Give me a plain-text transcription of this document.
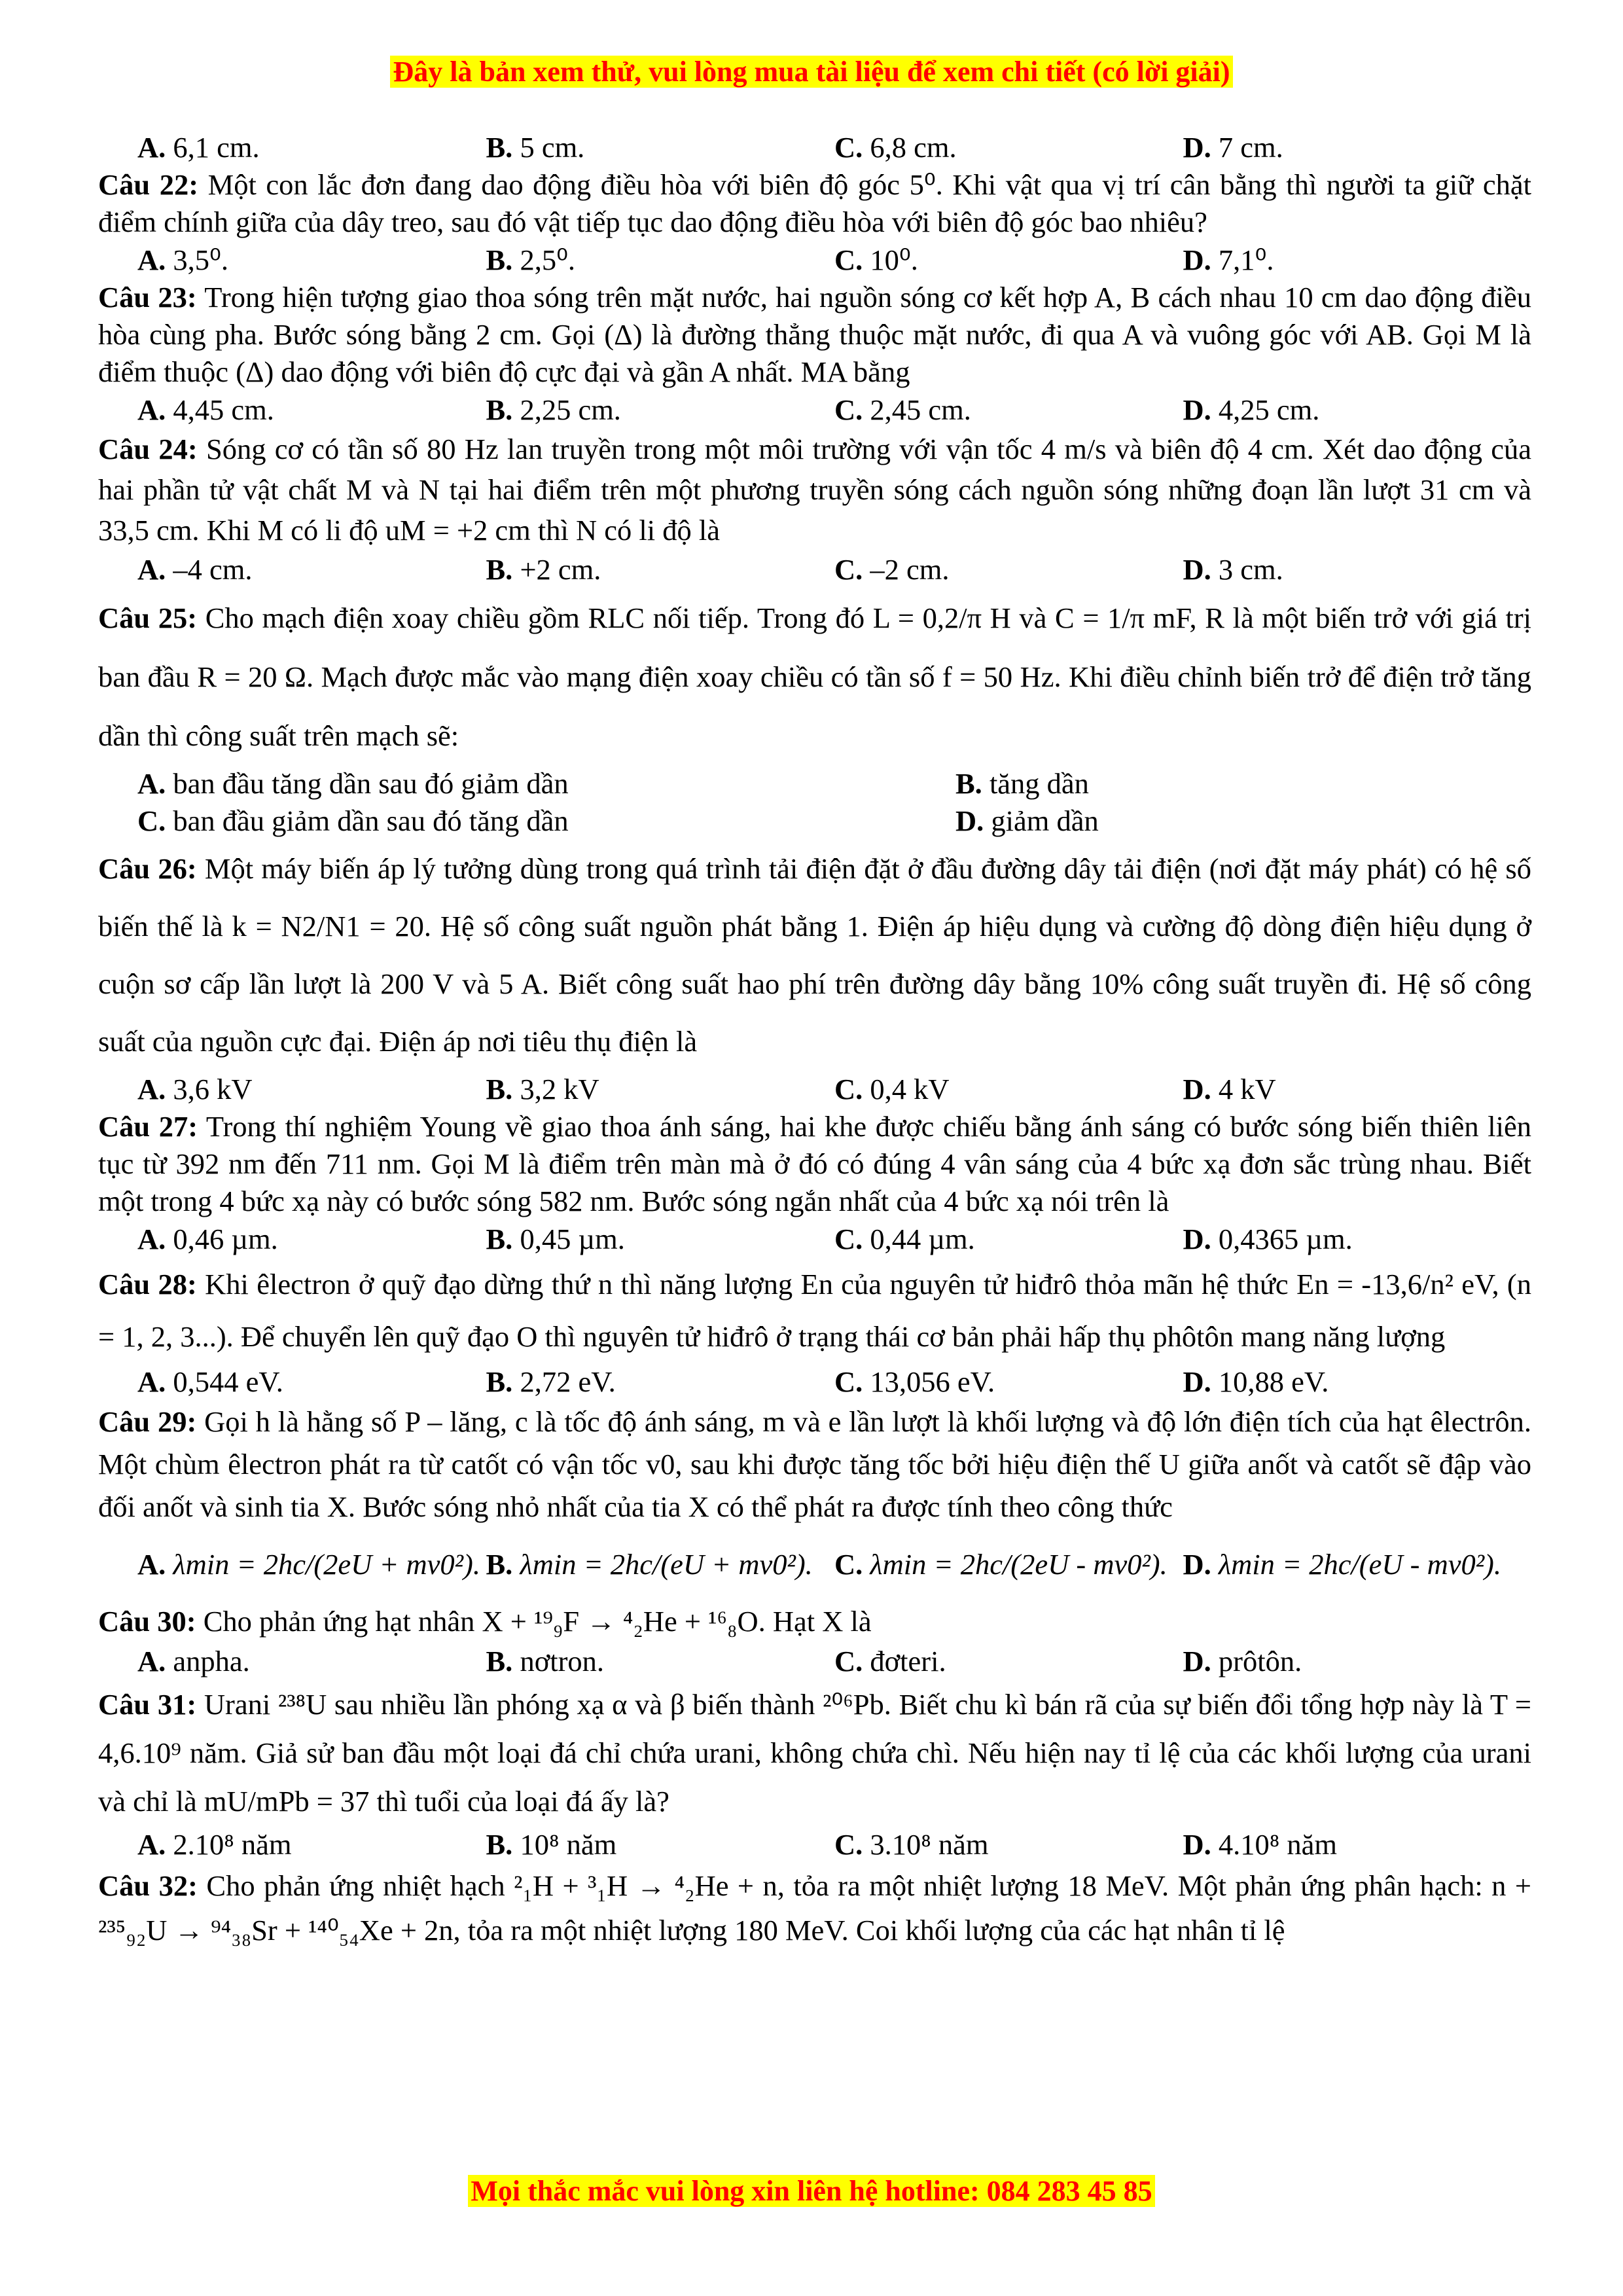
Đây là bản xem thử, vui lòng mua tài liệu để xem chi tiết (có lời giải)
A. 6,1 cm.	B. 5 cm.	C. 6,8 cm.	D. 7 cm.
Câu 22: Một con lắc đơn đang dao động điều hòa với biên độ góc 5⁰. Khi vật qua vị trí cân bằng thì người ta giữ chặt điểm chính giữa của dây treo, sau đó vật tiếp tục dao động điều hòa với biên độ góc bao nhiêu?
A. 3,5⁰.	B. 2,5⁰.	C. 10⁰.	D. 7,1⁰.
Câu 23: Trong hiện tượng giao thoa sóng trên mặt nước, hai nguồn sóng cơ kết hợp A, B cách nhau 10 cm dao động điều hòa cùng pha. Bước sóng bằng 2 cm. Gọi (Δ) là đường thẳng thuộc mặt nước, đi qua A và vuông góc với AB. Gọi M là điểm thuộc (Δ) dao động với biên độ cực đại và gần A nhất. MA bằng
A. 4,45 cm.	B. 2,25 cm.	C. 2,45 cm.	D. 4,25 cm.
Câu 24: Sóng cơ có tần số 80 Hz lan truyền trong một môi trường với vận tốc 4 m/s và biên độ 4 cm. Xét dao động của hai phần tử vật chất M và N tại hai điểm trên một phương truyền sóng cách nguồn sóng những đoạn lần lượt 31 cm và 33,5 cm. Khi M có li độ uM = +2 cm thì N có li độ là
A. –4 cm.	B. +2 cm.	C. –2 cm.	D. 3 cm.
Câu 25: Cho mạch điện xoay chiều gồm RLC nối tiếp. Trong đó L = 0,2/π H và C = 1/π mF, R là một biến trở với giá trị ban đầu R = 20 Ω. Mạch được mắc vào mạng điện xoay chiều có tần số f = 50 Hz. Khi điều chỉnh biến trở để điện trở tăng dần thì công suất trên mạch sẽ:
A. ban đầu tăng dần sau đó giảm dần	B. tăng dần
C. ban đầu giảm dần sau đó tăng dần	D. giảm dần
Câu 26: Một máy biến áp lý tưởng dùng trong quá trình tải điện đặt ở đầu đường dây tải điện (nơi đặt máy phát) có hệ số biến thế là k = N2/N1 = 20. Hệ số công suất nguồn phát bằng 1. Điện áp hiệu dụng và cường độ dòng điện hiệu dụng ở cuộn sơ cấp lần lượt là 200 V và 5 A. Biết công suất hao phí trên đường dây bằng 10% công suất truyền đi. Hệ số công suất của nguồn cực đại. Điện áp nơi tiêu thụ điện là
A. 3,6 kV	B. 3,2 kV	C. 0,4 kV	D. 4 kV
Câu 27: Trong thí nghiệm Young về giao thoa ánh sáng, hai khe được chiếu bằng ánh sáng có bước sóng biến thiên liên tục từ 392 nm đến 711 nm. Gọi M là điểm trên màn mà ở đó có đúng 4 vân sáng của 4 bức xạ đơn sắc trùng nhau. Biết một trong 4 bức xạ này có bước sóng 582 nm. Bước sóng ngắn nhất của 4 bức xạ nói trên là
A. 0,46 µm.	B. 0,45 µm.	C. 0,44 µm.	D. 0,4365 µm.
Câu 28: Khi êlectron ở quỹ đạo dừng thứ n thì năng lượng En của nguyên tử hiđrô thỏa mãn hệ thức En = -13,6/n² eV, (n = 1, 2, 3...). Để chuyển lên quỹ đạo O thì nguyên tử hiđrô ở trạng thái cơ bản phải hấp thụ phôtôn mang năng lượng
A. 0,544 eV.	B. 2,72 eV.	C. 13,056 eV.	D. 10,88 eV.
Câu 29: Gọi h là hằng số P – lăng, c là tốc độ ánh sáng, m và e lần lượt là khối lượng và độ lớn điện tích của hạt êlectrôn. Một chùm êlectron phát ra từ catốt có vận tốc v0, sau khi được tăng tốc bởi hiệu điện thế U giữa anốt và catốt sẽ đập vào đối anốt và sinh tia X. Bước sóng nhỏ nhất của tia X có thể phát ra được tính theo công thức
A. λmin = 2hc/(2eU + mv0²). B. λmin = 2hc/(eU + mv0²). C. λmin = 2hc/(2eU - mv0²). D. λmin = 2hc/(eU - mv0²).
Câu 30: Cho phản ứng hạt nhân X + ¹⁹₉F → ⁴₂He + ¹⁶₈O. Hạt X là
A. anpha.	B. nơtron.	C. đơteri.	D. prôtôn.
Câu 31: Urani ²³⁸U sau nhiều lần phóng xạ α và β biến thành ²⁰⁶Pb. Biết chu kì bán rã của sự biến đổi tổng hợp này là T = 4,6.10⁹ năm. Giả sử ban đầu một loại đá chỉ chứa urani, không chứa chì. Nếu hiện nay tỉ lệ của các khối lượng của urani và chỉ là mU/mPb = 37 thì tuổi của loại đá ấy là?
A. 2.10⁸ năm	B. 10⁸ năm	C. 3.10⁸ năm	D. 4.10⁸ năm
Câu 32: Cho phản ứng nhiệt hạch ²₁H + ³₁H → ⁴₂He + n, tỏa ra một nhiệt lượng 18 MeV. Một phản ứng phân hạch: n + ²³⁵₉₂U → ⁹⁴₃₈Sr + ¹⁴⁰₅₄Xe + 2n, tỏa ra một nhiệt lượng 180 MeV. Coi khối lượng của các hạt nhân tỉ lệ
Mọi thắc mắc vui lòng xin liên hệ hotline: 084 283 45 85
